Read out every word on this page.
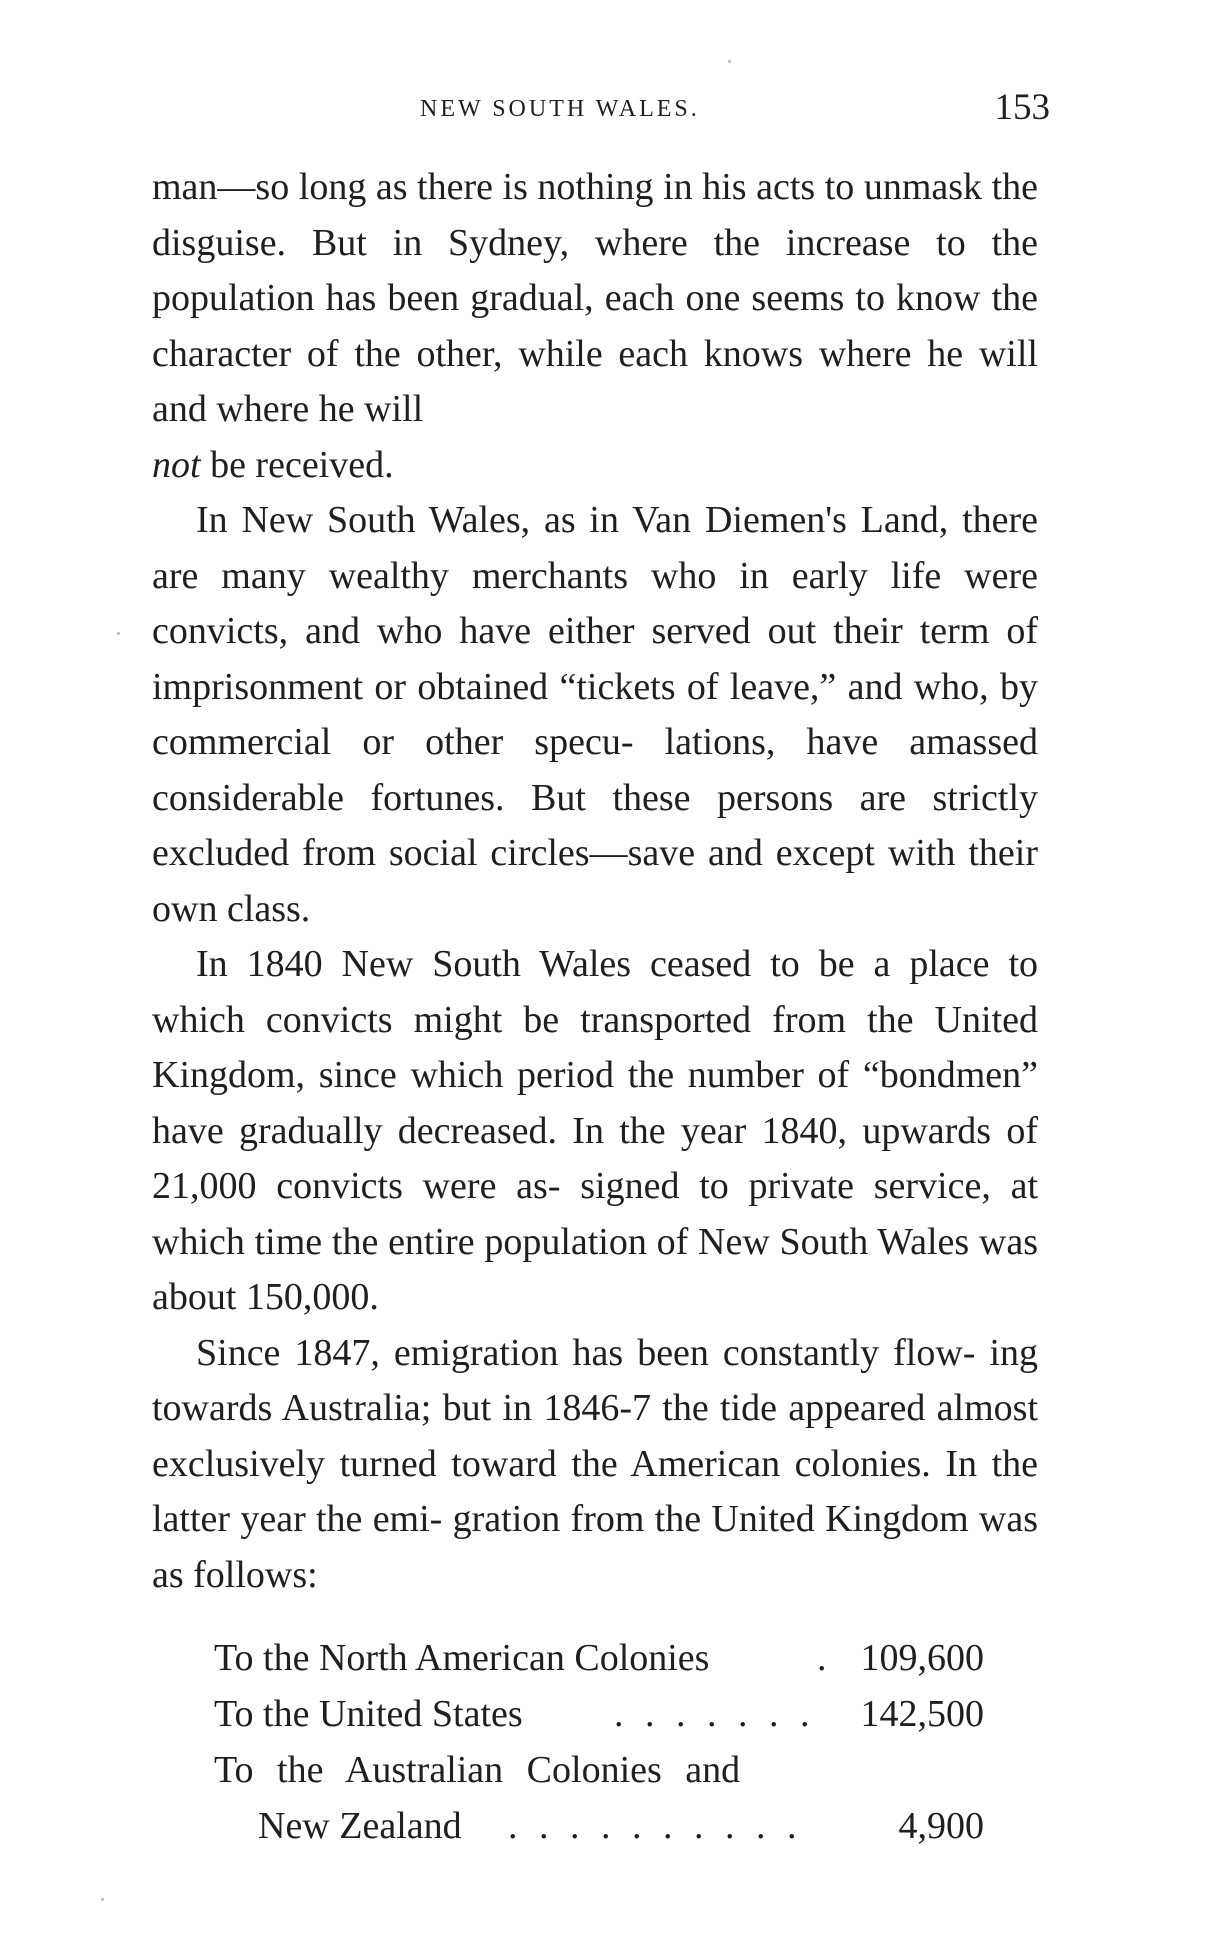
NEW SOUTH WALES.	153

man—so long as there is nothing in his acts to unmask the disguise. But in Sydney, where the increase to the population has been gradual, each one seems to know the character of the other, while each knows where he will and where he will
not be received.

In New South Wales, as in Van Diemen's Land, there are many wealthy merchants who in early life were convicts, and who have either served out their term of imprisonment or obtained “tickets of leave,” and who, by commercial or other specu- lations, have amassed considerable fortunes. But these persons are strictly excluded from social circles—save and except with their own class.

In 1840 New South Wales ceased to be a place to which convicts might be transported from the United Kingdom, since which period the number of “bondmen” have gradually decreased. In the year 1840, upwards of 21,000 convicts were as- signed to private service, at which time the entire population of New South Wales was about 150,000.

Since 1847, emigration has been constantly flow- ing towards Australia; but in 1846-7 the tide appeared almost exclusively turned toward the American colonies. In the latter year the emi- gration from the United Kingdom was as follows:

To the North American Colonies	. 109,600
To the United States . . . . . . . 142,500
To the Australian Colonies and
New Zealand . . . . . . . . . .	4,900
